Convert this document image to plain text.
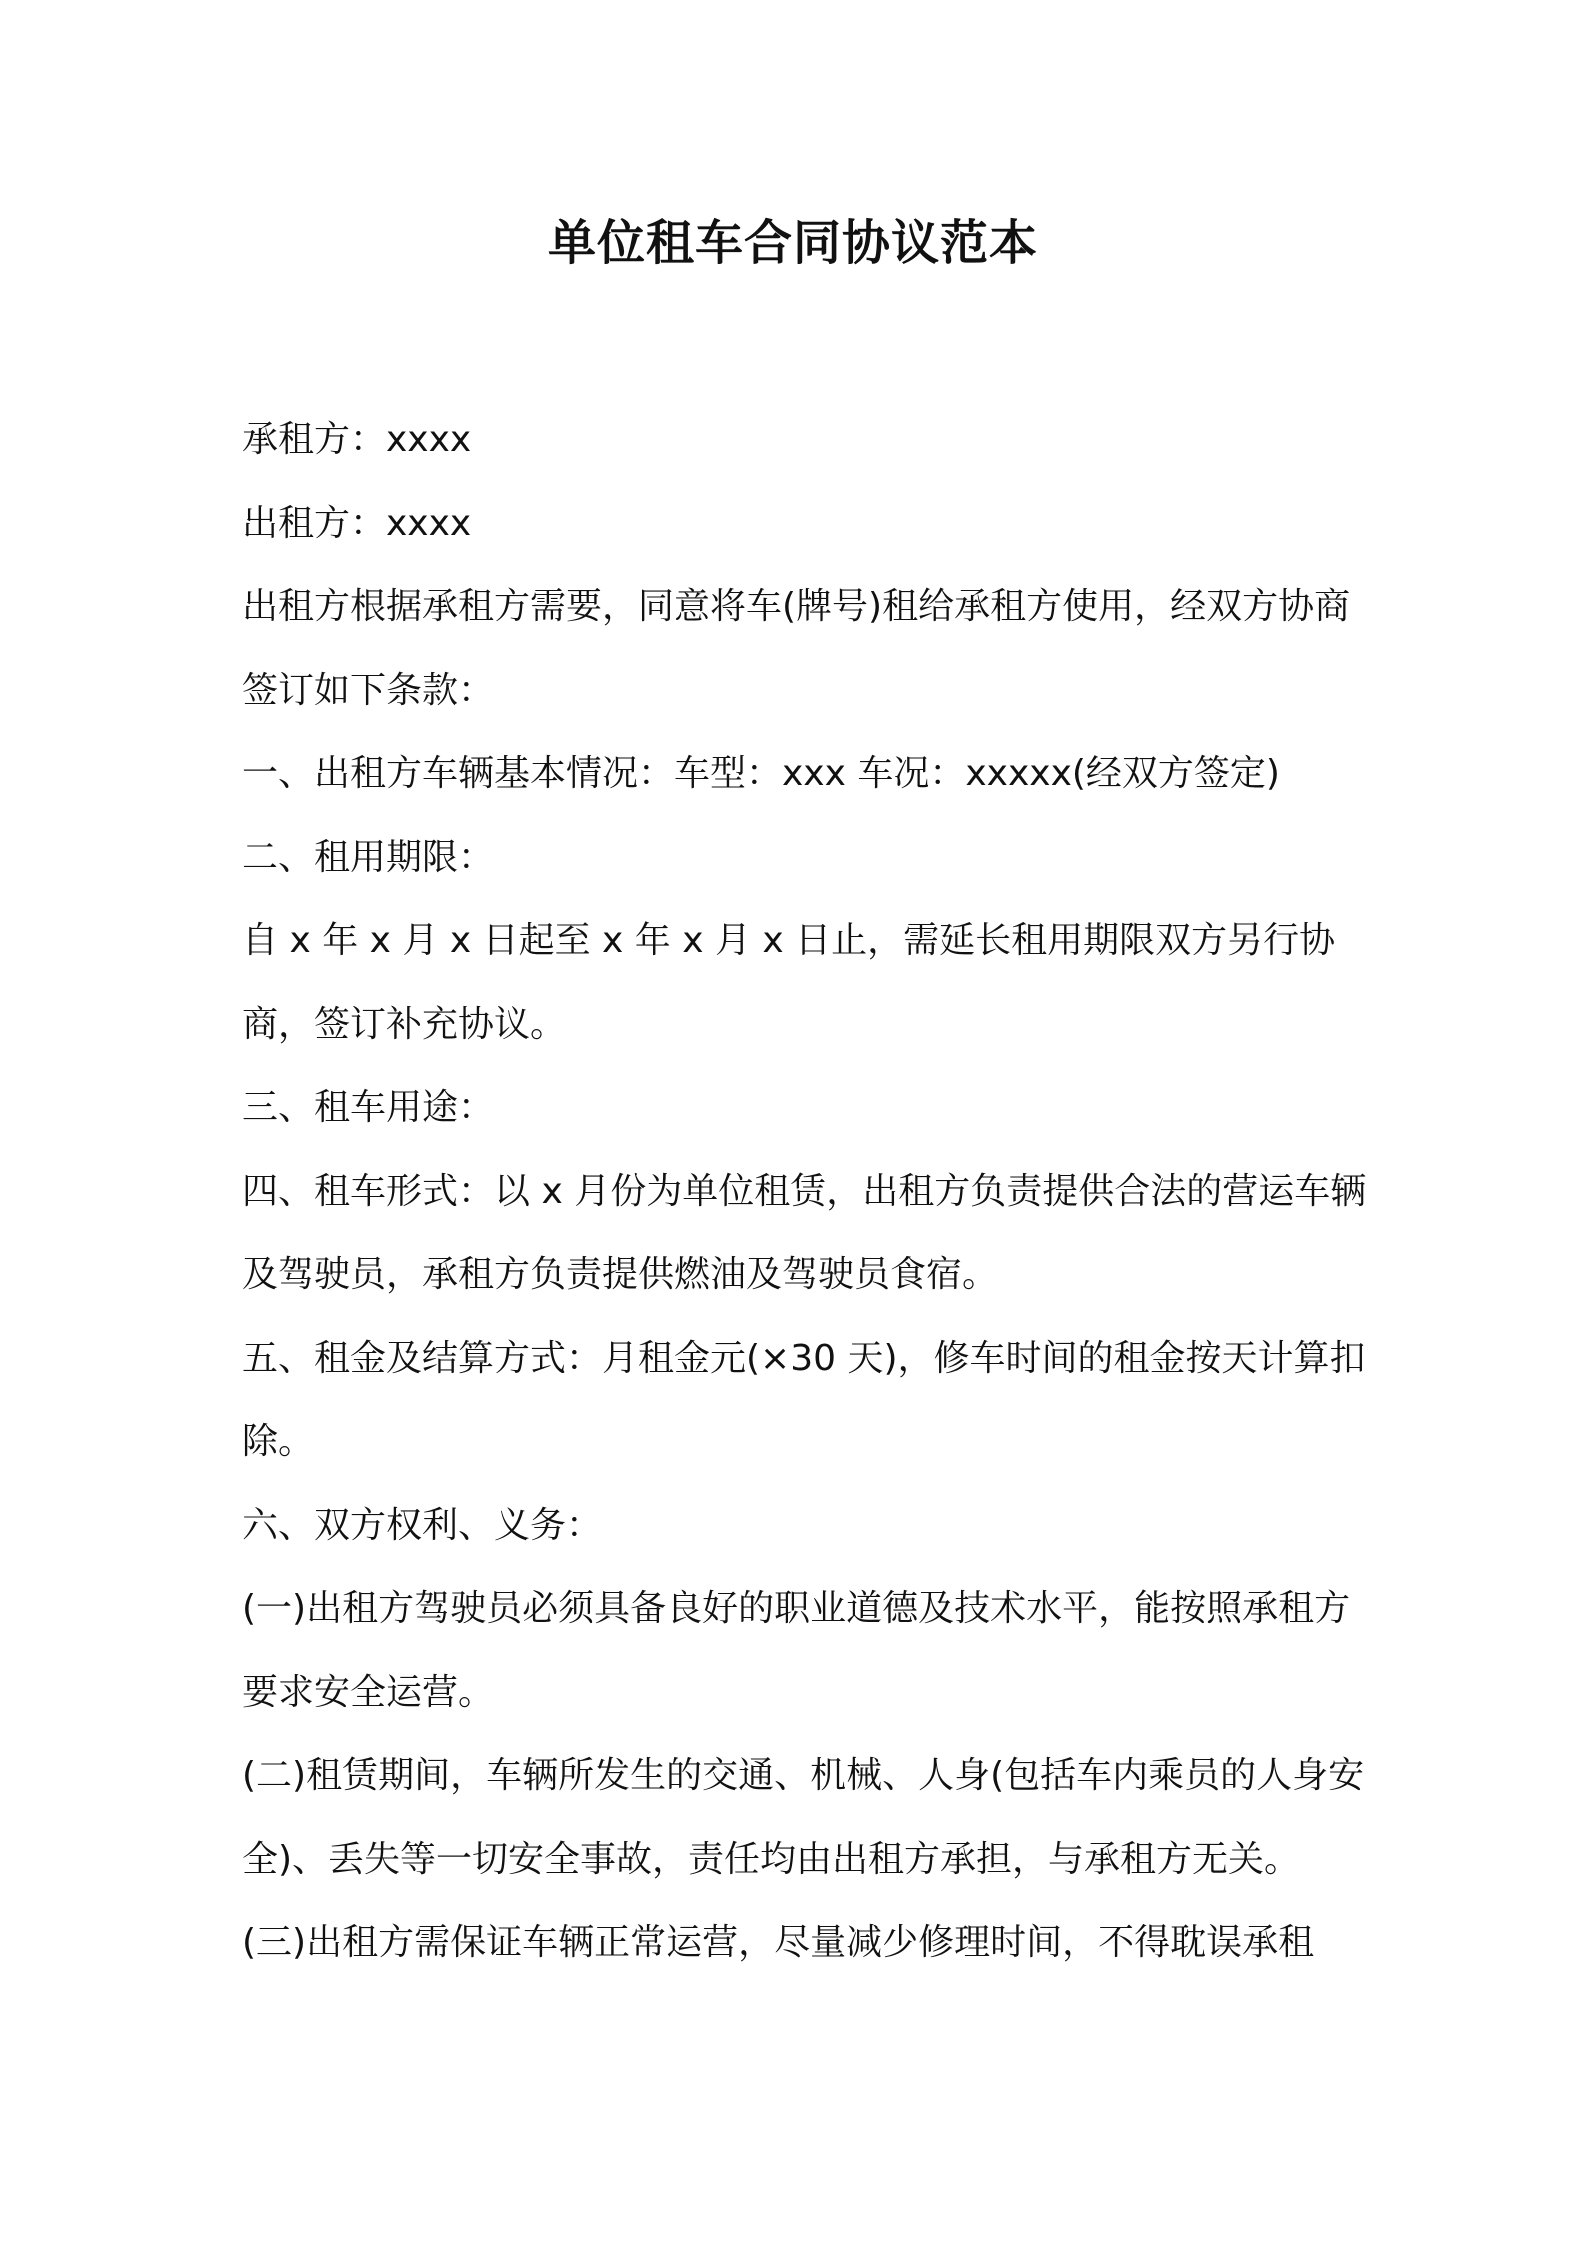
单位租车合同协议范本

承租方：xxxx

出租方：xxxx

出租方根据承租方需要，同意将车(牌号)租给承租方使用，经双方协商签订如下条款：

一、出租方车辆基本情况：车型：xxx 车况：xxxxx(经双方签定)

二、租用期限：

自 x 年 x 月 x 日起至 x 年 x 月 x 日止，需延长租用期限双方另行协商，签订补充协议。

三、租车用途：

四、租车形式：以 x 月份为单位租赁，出租方负责提供合法的营运车辆及驾驶员，承租方负责提供燃油及驾驶员食宿。

五、租金及结算方式：月租金元(×30 天)，修车时间的租金按天计算扣除。

六、双方权利、义务：

(一)出租方驾驶员必须具备良好的职业道德及技术水平，能按照承租方要求安全运营。

(二)租赁期间，车辆所发生的交通、机械、人身(包括车内乘员的人身安全)、丢失等一切安全事故，责任均由出租方承担，与承租方无关。

(三)出租方需保证车辆正常运营，尽量减少修理时间，不得耽误承租
